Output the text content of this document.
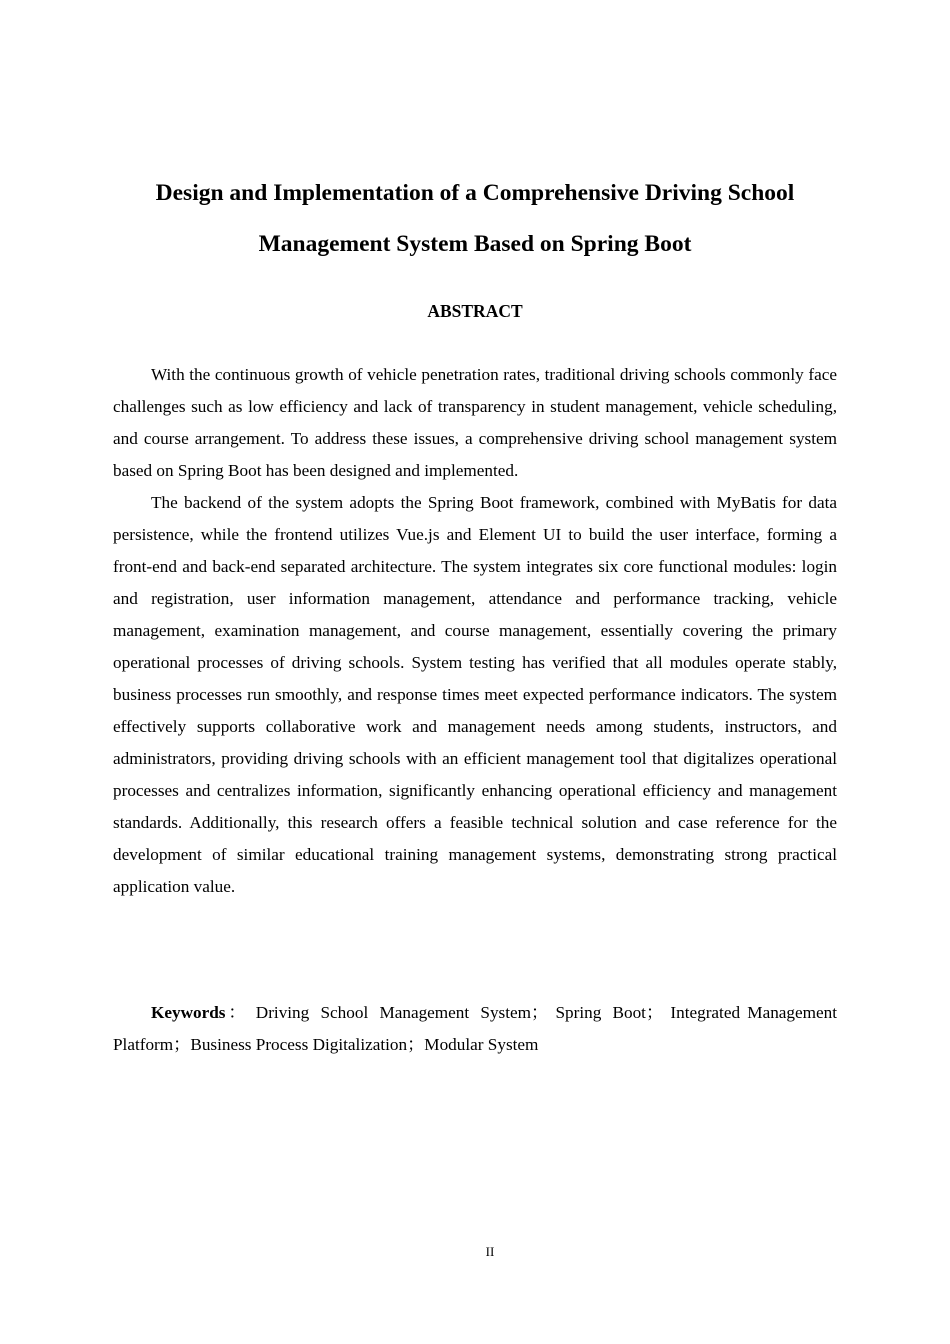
Design and Implementation of a Comprehensive Driving School
Management System Based on Spring Boot
ABSTRACT

With the continuous growth of vehicle penetration rates, traditional driving schools commonly face challenges such as low efficiency and lack of transparency in student management, vehicle scheduling, and course arrangement. To address these issues, a comprehensive driving school management system based on Spring Boot has been designed and implemented.

The backend of the system adopts the Spring Boot framework, combined with MyBatis for data persistence, while the frontend utilizes Vue.js and Element UI to build the user interface, forming a front-end and back-end separated architecture. The system integrates six core functional modules: login and registration, user information management, attendance and performance tracking, vehicle management, examination management, and course management, essentially covering the primary operational processes of driving schools. System testing has verified that all modules operate stably, business processes run smoothly, and response times meet expected performance indicators. The system effectively supports collaborative work and management needs among students, instructors, and administrators, providing driving schools with an efficient management tool that digitalizes operational processes and centralizes information, significantly enhancing operational efficiency and management standards. Additionally, this research offers a feasible technical solution and case reference for the development of similar educational training management systems, demonstrating strong practical application value.

Keywords： Driving School Management System； Spring Boot； Integrated Management Platform；Business Process Digitalization；Modular System

II
